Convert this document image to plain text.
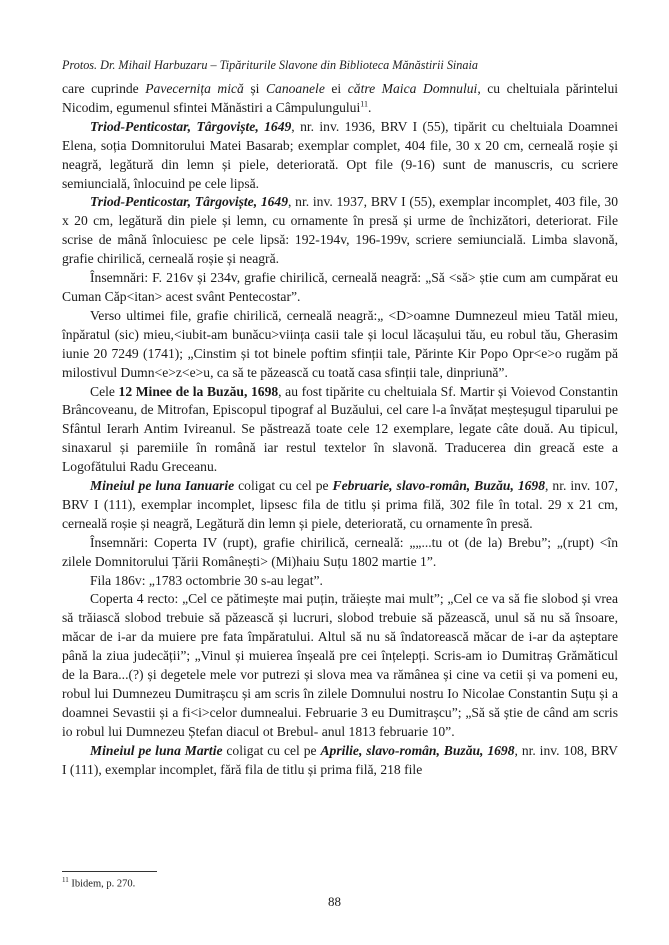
Protos. Dr. Mihail Harbuzaru – Tipăriturile Slavone din Biblioteca Mănăstirii Sinaia

care cuprinde Pavecernița mică și Canoanele ei către Maica Domnului, cu cheltuiala părintelui Nicodim, egumenul sfintei Mănăstiri a Câmpulungului$^{11}$.

Triod-Penticostar, Târgoviște, 1649, nr. inv. 1936, BRV I (55), tipărit cu cheltuiala Doamnei Elena, soția Domnitorului Matei Basarab; exemplar complet, 404 file, 30 x 20 cm, cerneală roșie și neagră, legătură din lemn și piele, deteriorată. Opt file (9-16) sunt de manuscris, cu scriere semiuncială, înlocuind pe cele lipsă.

Triod-Penticostar, Târgoviște, 1649, nr. inv. 1937, BRV I (55), exemplar incomplet, 403 file, 30 x 20 cm, legătură din piele și lemn, cu ornamente în presă și urme de închizători, deteriorat. File scrise de mână înlocuiesc pe cele lipsă: 192-194v, 196-199v, scriere semiuncială. Limba slavonă, grafie chirilică, cerneală roșie și neagră.

Însemnări: F. 216v și 234v, grafie chirilică, cerneală neagră: „Să <să> știe cum am cumpărat eu Cuman Căp<itan> acest svânt Pentecostar”.

Verso ultimei file, grafie chirilică, cerneală neagră:„ <D>oamne Dumnezeul mieu Tatăl mieu, înpăratul (sic) mieu,<iubit-am bunăcu>viința casii tale și locul lăcașului tău, eu robul tău, Gherasim iunie 20 7249 (1741); „Cinstim și tot binele poftim sfinții tale, Părinte Kir Popo Opr<e>o rugăm pă milostivul Dumn<e>z<e>u, ca să te păzească cu toată casa sfinții tale, dinpriună”.

Cele 12 Minee de la Buzău, 1698, au fost tipărite cu cheltuiala Sf. Martir și Voievod Constantin Brâncoveanu, de Mitrofan, Episcopul tipograf al Buzăului, cel care l-a învățat meșteșugul tiparului pe Sfântul Ierarh Antim Ivireanul. Se păstrează toate cele 12 exemplare, legate câte două. Au tipicul, sinaxarul și paremiile în română iar restul textelor în slavonă. Traducerea din greacă este a Logofătului Radu Greceanu.

Mineiul pe luna Ianuarie coligat cu cel pe Februarie, slavo-român, Buzău, 1698, nr. inv. 107, BRV I (111), exemplar incomplet, lipsesc fila de titlu și prima filă, 302 file în total. 29 x 21 cm, cerneală roșie și neagră, Legătură din lemn și piele, deteriorată, cu ornamente în presă.

Însemnări: Coperta IV (rupt), grafie chirilică, cerneală: „„...tu ot (de la) Brebu”; „(rupt) <în zilele Domnitorului Țării Românești> (Mi)haiu Suțu 1802 martie 1”.

Fila 186v: „1783 octombrie 30 s-au legat”.

Coperta 4 recto: „Cel ce pătimește mai puțin, trăiește mai mult”; „Cel ce va să fie slobod și vrea să trăiască slobod trebuie să păzească și lucruri, slobod trebuie să păzească, unul să nu să însoare, măcar de i-ar da muiere pre fata împăratului. Altul să nu să îndatorească măcar de i-ar da așteptare până la ziua judecății”; „Vinul și muierea înșeală pre cei înțelepți. Scris-am io Dumitraș Grămăticul de la Bara...(?) și degetele mele vor putrezi și slova mea va rămânea și cine va cetii și va pomeni eu, robul lui Dumnezeu Dumitrașcu și am scris în zilele Domnului nostru Io Nicolae Constantin Suțu și a doamnei Sevastii și a fi<i>celor dumnealui. Februarie 3 eu Dumitrașcu”; „Să să știe de când am scris io robul lui Dumnezeu Ștefan diacul ot Brebul- anul 1813 februarie 10”.

Mineiul pe luna Martie coligat cu cel pe Aprilie, slavo-român, Buzău, 1698, nr. inv. 108, BRV I (111), exemplar incomplet, fără fila de titlu și prima filă, 218 file

$^{11}$ Ibidem, p. 270.
88
